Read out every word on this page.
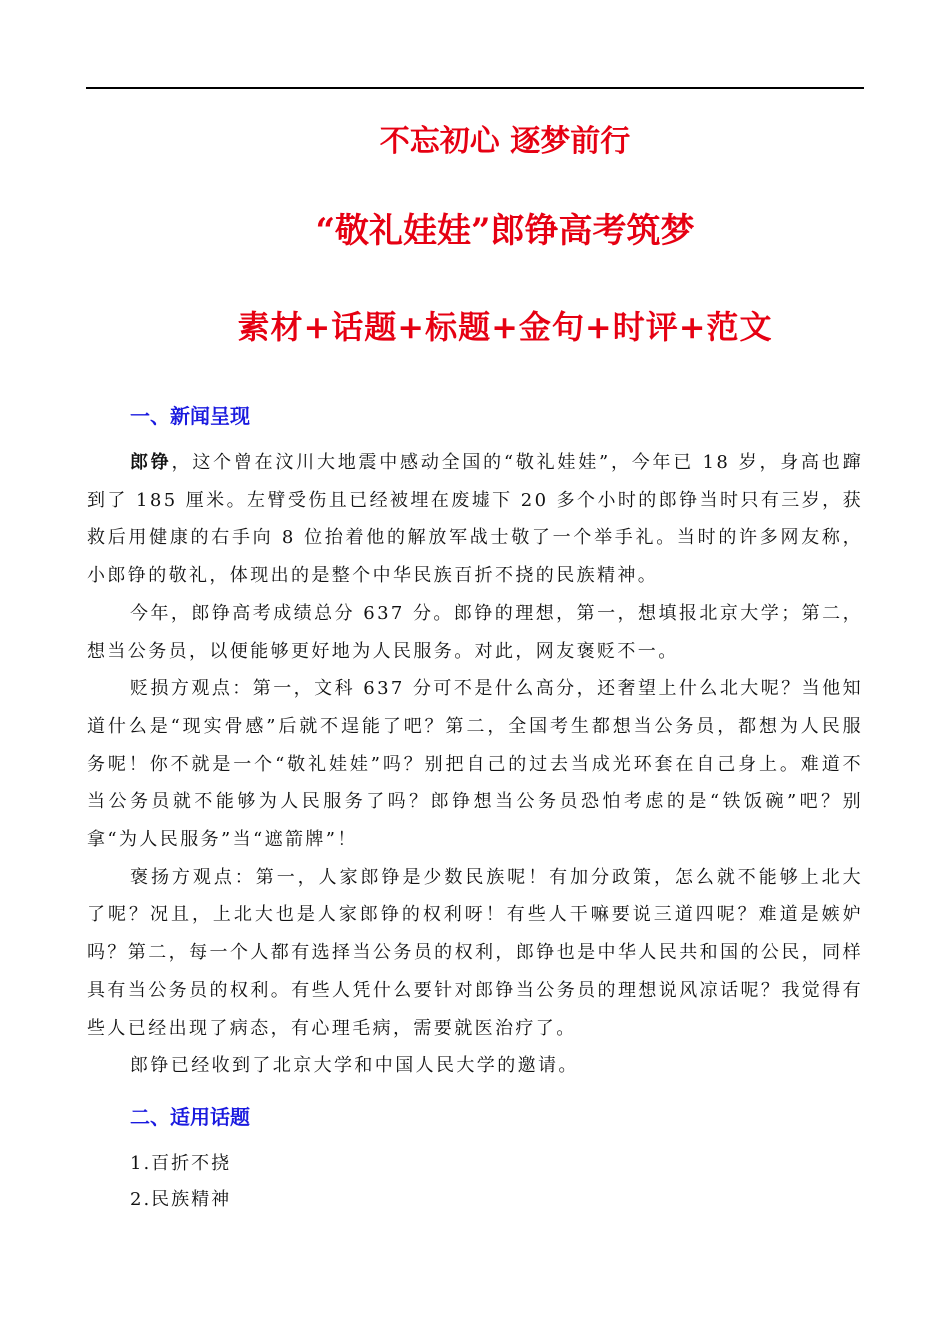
不忘初心 逐梦前行
“敬礼娃娃”郎铮高考筑梦
素材+话题+标题+金句+时评+范文
一、新闻呈现

郎铮，这个曾在汶川大地震中感动全国的“敬礼娃娃”，今年已 18 岁，身高也蹿到了 185 厘米。左臂受伤且已经被埋在废墟下 20 多个小时的郎铮当时只有三岁，获救后用健康的右手向 8 位抬着他的解放军战士敬了一个举手礼。当时的许多网友称，小郎铮的敬礼，体现出的是整个中华民族百折不挠的民族精神。

今年，郎铮高考成绩总分 637 分。郎铮的理想，第一，想填报北京大学；第二，想当公务员，以便能够更好地为人民服务。对此，网友褒贬不一。

贬损方观点：第一，文科 637 分可不是什么高分，还奢望上什么北大呢？当他知道什么是“现实骨感”后就不逞能了吧？第二，全国考生都想当公务员，都想为人民服务呢！你不就是一个“敬礼娃娃”吗？别把自己的过去当成光环套在自己身上。难道不当公务员就不能够为人民服务了吗？郎铮想当公务员恐怕考虑的是“铁饭碗”吧？别拿“为人民服务”当“遮箭牌”！

褒扬方观点：第一，人家郎铮是少数民族呢！有加分政策，怎么就不能够上北大了呢？况且，上北大也是人家郎铮的权利呀！有些人干嘛要说三道四呢？难道是嫉妒吗？第二，每一个人都有选择当公务员的权利，郎铮也是中华人民共和国的公民，同样具有当公务员的权利。有些人凭什么要针对郎铮当公务员的理想说风凉话呢？我觉得有些人已经出现了病态，有心理毛病，需要就医治疗了。

郎铮已经收到了北京大学和中国人民大学的邀请。

二、适用话题
1.百折不挠
2.民族精神
